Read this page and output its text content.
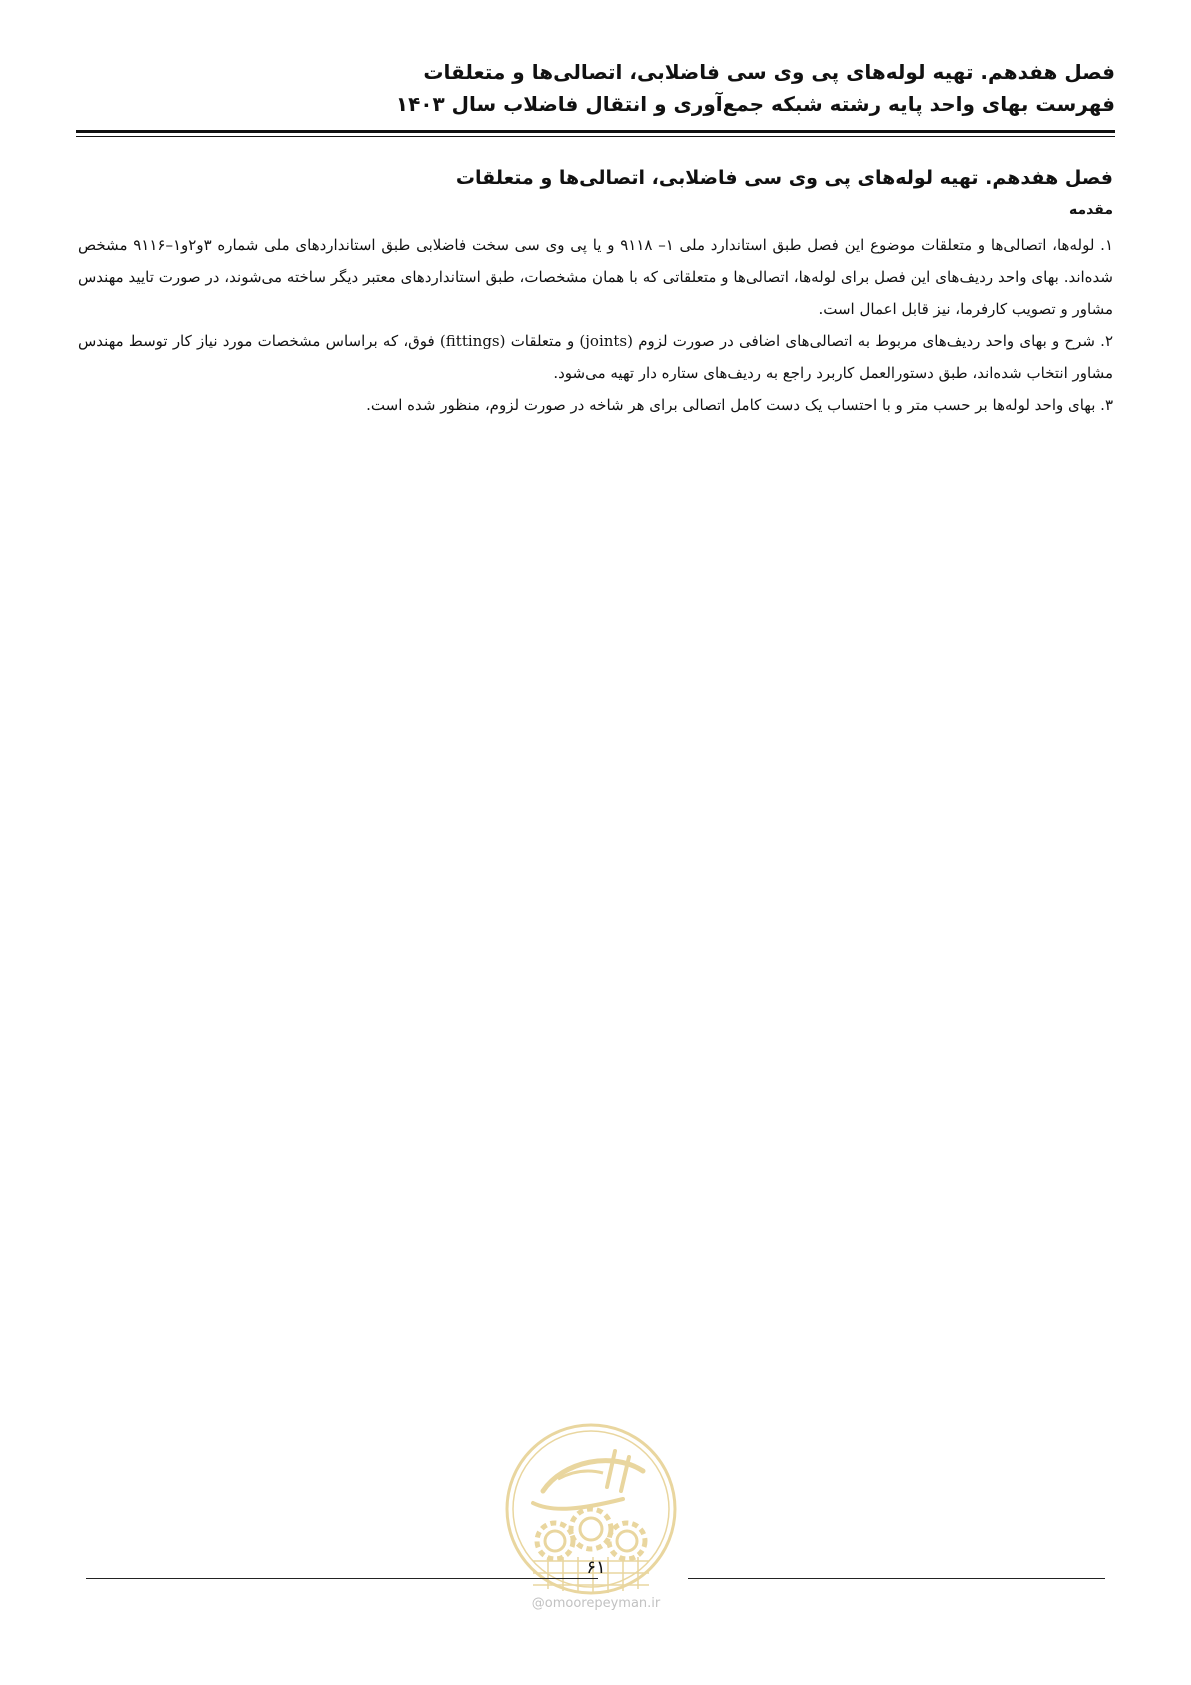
فصل هفدهم. تهیه لوله‌های پی وی سی فاضلابی، اتصالی‌ها و متعلقات
فهرست بهای واحد پایه رشته شبکه جمع‌آوری و انتقال فاضلاب سال ۱۴۰۳
فصل هفدهم. تهیه لوله‌های پی وی سی فاضلابی، اتصالی‌ها و متعلقات
مقدمه

۱. لوله‌ها، اتصالی‌ها و متعلقات موضوع این فصل طبق استاندارد ملی ۱– ۹۱۱۸ و یا پی وی سی سخت فاضلابی طبق استانداردهای ملی شماره ۳و۲و۱–۹۱۱۶ مشخص شده‌اند. بهای واحد ردیف‌های این فصل برای لوله‌ها، اتصالی‌ها و متعلقاتی که با همان مشخصات، طبق استانداردهای معتبر دیگر ساخته می‌شوند، در صورت تایید مهندس مشاور و تصویب کارفرما، نیز قابل اعمال است.

۲. شرح و بهای واحد ردیف‌های مربوط به اتصالی‌های اضافی در صورت لزوم (joints) و متعلقات (fittings) فوق، که براساس مشخصات مورد نیاز کار توسط مهندس مشاور انتخاب شده‌اند، طبق دستورالعمل کاربرد راجع به ردیف‌های ستاره دار تهیه می‌شود.

۳. بهای واحد لوله‌ها بر حسب متر و با احتساب یک دست کامل اتصالی برای هر شاخه در صورت لزوم، منظور شده است.

۶۱
@omoorepeyman.ir
